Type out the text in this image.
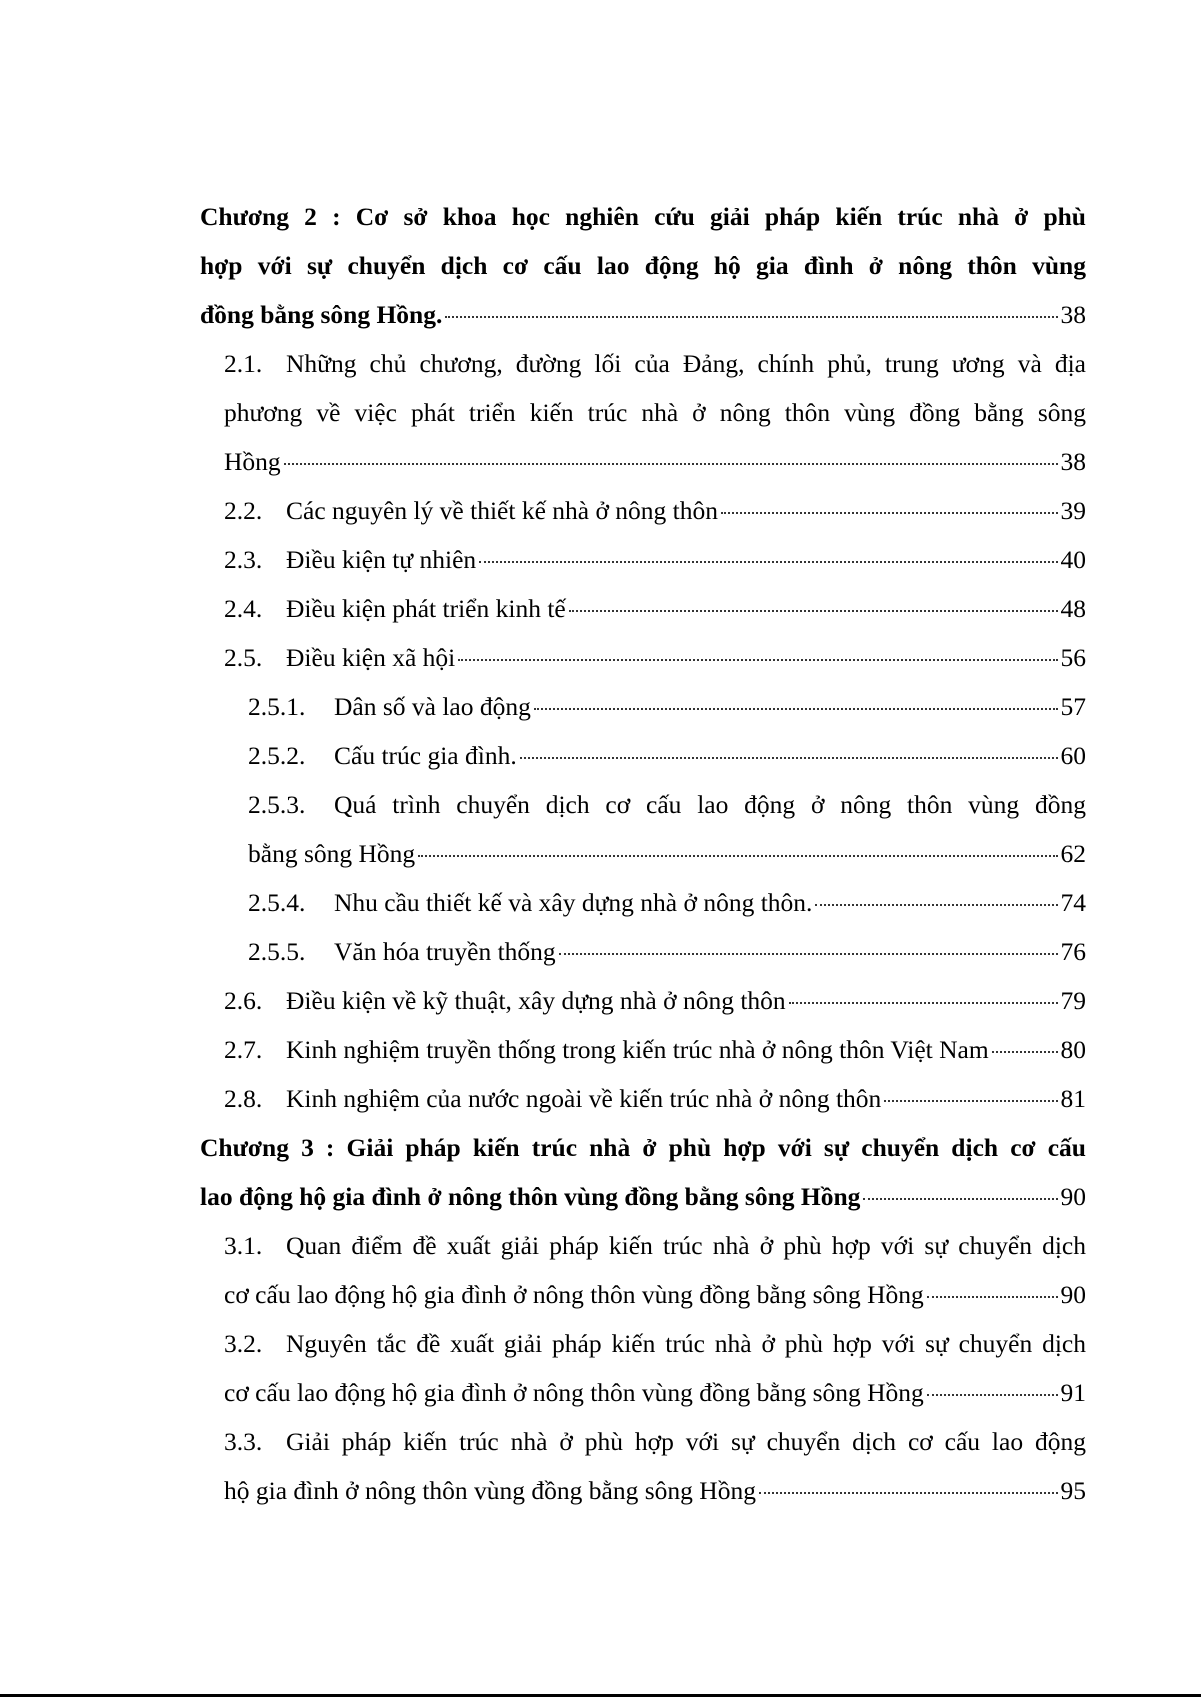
Chương 2 : Cơ sở khoa học nghiên cứu giải pháp kiến trúc nhà ở phù
hợp với sự chuyển dịch cơ cấu lao động hộ gia đình ở nông thôn vùng
đồng bằng sông Hồng.	38
2.1. Những chủ chương, đường lối của Đảng, chính phủ, trung ương và địa
phương về việc phát triển kiến trúc nhà ở nông thôn vùng đồng bằng sông
Hồng	38
2.2. Các nguyên lý về thiết kế nhà ở nông thôn	39
2.3. Điều kiện tự nhiên	40
2.4. Điều kiện phát triển kinh tế	48
2.5. Điều kiện xã hội	56
2.5.1.	Dân số và lao động	57
2.5.2.	Cấu trúc gia đình.	60
2.5.3. Quá trình chuyển dịch cơ cấu lao động ở nông thôn vùng đồng
bằng sông Hồng	62
2.5.4.	Nhu cầu thiết kế và xây dựng nhà ở nông thôn.	74
2.5.5.	Văn hóa truyền thống	76
2.6. Điều kiện về kỹ thuật, xây dựng nhà ở nông thôn	79
2.7. Kinh nghiệm truyền thống trong kiến trúc nhà ở nông thôn Việt Nam	80
2.8. Kinh nghiệm của nước ngoài về kiến trúc nhà ở nông thôn	81
Chương 3 : Giải pháp kiến trúc nhà ở phù hợp với sự chuyển dịch cơ cấu
lao động hộ gia đình ở nông thôn vùng đồng bằng sông Hồng	90
3.1. Quan điểm đề xuất giải pháp kiến trúc nhà ở phù hợp với sự chuyển dịch
cơ cấu lao động hộ gia đình ở nông thôn vùng đồng bằng sông Hồng	90
3.2. Nguyên tắc đề xuất giải pháp kiến trúc nhà ở phù hợp với sự chuyển dịch
cơ cấu lao động hộ gia đình ở nông thôn vùng đồng bằng sông Hồng	91
3.3. Giải pháp kiến trúc nhà ở phù hợp với sự chuyển dịch cơ cấu lao động
hộ gia đình ở nông thôn vùng đồng bằng sông Hồng	95
